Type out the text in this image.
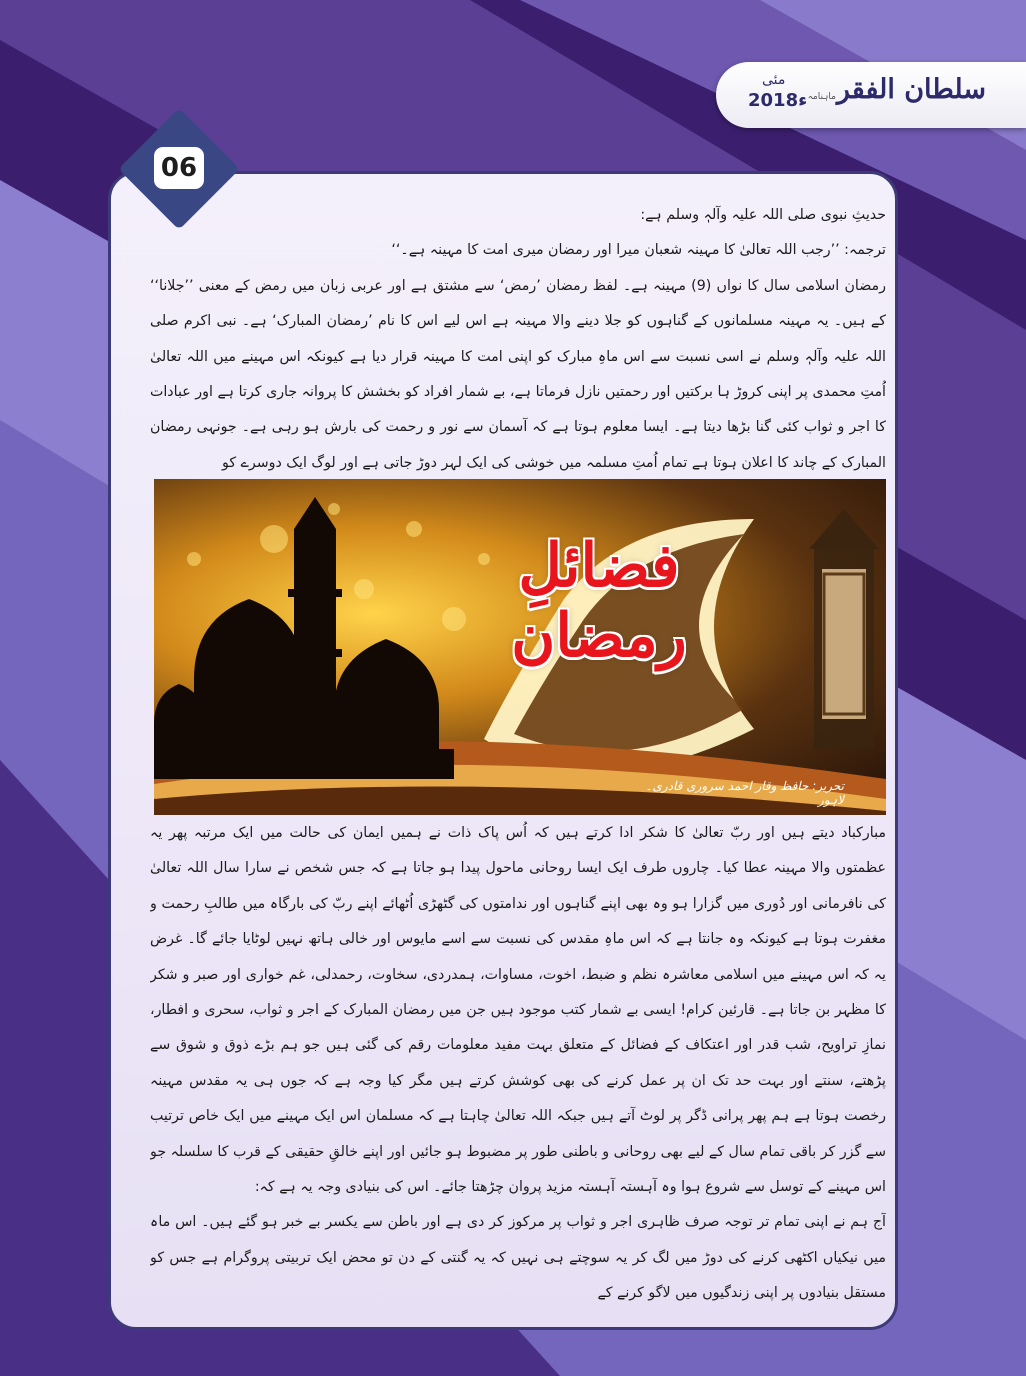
ماہنامہ سلطان الفقر
مئی
2018ء
06

حدیثِ نبوی صلی اللہ علیہ وآلہٖ وسلم ہے:

ترجمہ: ’’رجب اللہ تعالیٰ کا مہینہ شعبان میرا اور رمضان میری امت کا مہینہ ہے۔‘‘

رمضان اسلامی سال کا نواں (9) مہینہ ہے۔ لفظ رمضان ’رمض‘ سے مشتق ہے اور عربی زبان میں رمض کے معنی ’’جلانا‘‘ کے ہیں۔ یہ مہینہ مسلمانوں کے گناہوں کو جلا دینے والا مہینہ ہے اس لیے اس کا نام ’رمضان المبارک‘ ہے۔ نبی اکرم صلی اللہ علیہ وآلہٖ وسلم نے اسی نسبت سے اس ماہِ مبارک کو اپنی امت کا مہینہ قرار دیا ہے کیونکہ اس مہینے میں اللہ تعالیٰ اُمتِ محمدی پر اپنی کروڑ ہا برکتیں اور رحمتیں نازل فرماتا ہے، بے شمار افراد کو بخشش کا پروانہ جاری کرتا ہے اور عبادات کا اجر و ثواب کئی گنا بڑھا دیتا ہے۔ ایسا معلوم ہوتا ہے کہ آسمان سے نور و رحمت کی بارش ہو رہی ہے۔ جونہی رمضان المبارک کے چاند کا اعلان ہوتا ہے تمام اُمتِ مسلمہ میں خوشی کی ایک لہر دوڑ جاتی ہے اور لوگ ایک دوسرے کو

فضائلِ رمضان
تحریر: حافظ وقار احمد سروری قادری۔ لاہور

مبارکباد دیتے ہیں اور ربّ تعالیٰ کا شکر ادا کرتے ہیں کہ اُس پاک ذات نے ہمیں ایمان کی حالت میں ایک مرتبہ پھر یہ عظمتوں والا مہینہ عطا کیا۔ چاروں طرف ایک ایسا روحانی ماحول پیدا ہو جاتا ہے کہ جس شخص نے سارا سال اللہ تعالیٰ کی نافرمانی اور دُوری میں گزارا ہو وہ بھی اپنے گناہوں اور ندامتوں کی گٹھڑی اُٹھائے اپنے ربّ کی بارگاہ میں طالبِ رحمت و مغفرت ہوتا ہے کیونکہ وہ جانتا ہے کہ اس ماہِ مقدس کی نسبت سے اسے مایوس اور خالی ہاتھ نہیں لوٹایا جائے گا۔ غرض یہ کہ اس مہینے میں اسلامی معاشرہ نظم و ضبط، اخوت، مساوات، ہمدردی، سخاوت، رحمدلی، غم خواری اور صبر و شکر کا مظہر بن جاتا ہے۔ قارئین کرام! ایسی بے شمار کتب موجود ہیں جن میں رمضان المبارک کے اجر و ثواب، سحری و افطار، نمازِ تراویح، شب قدر اور اعتکاف کے فضائل کے متعلق بہت مفید معلومات رقم کی گئی ہیں جو ہم بڑے ذوق و شوق سے پڑھتے، سنتے اور بہت حد تک ان پر عمل کرنے کی بھی کوشش کرتے ہیں مگر کیا وجہ ہے کہ جوں ہی یہ مقدس مہینہ رخصت ہوتا ہے ہم پھر پرانی ڈگر پر لوٹ آتے ہیں جبکہ اللہ تعالیٰ چاہتا ہے کہ مسلمان اس ایک مہینے میں ایک خاص ترتیب سے گزر کر باقی تمام سال کے لیے بھی روحانی و باطنی طور پر مضبوط ہو جائیں اور اپنے خالقِ حقیقی کے قرب کا سلسلہ جو اس مہینے کے توسل سے شروع ہوا وہ آہستہ آہستہ مزید پروان چڑھتا جائے۔ اس کی بنیادی وجہ یہ ہے کہ:

آج ہم نے اپنی تمام تر توجہ صرف ظاہری اجر و ثواب پر مرکوز کر دی ہے اور باطن سے یکسر بے خبر ہو گئے ہیں۔ اس ماہ میں نیکیاں اکٹھی کرنے کی دوڑ میں لگ کر یہ سوچتے ہی نہیں کہ یہ گنتی کے دن تو محض ایک تربیتی پروگرام ہے جس کو مستقل بنیادوں پر اپنی زندگیوں میں لاگو کرنے کے
